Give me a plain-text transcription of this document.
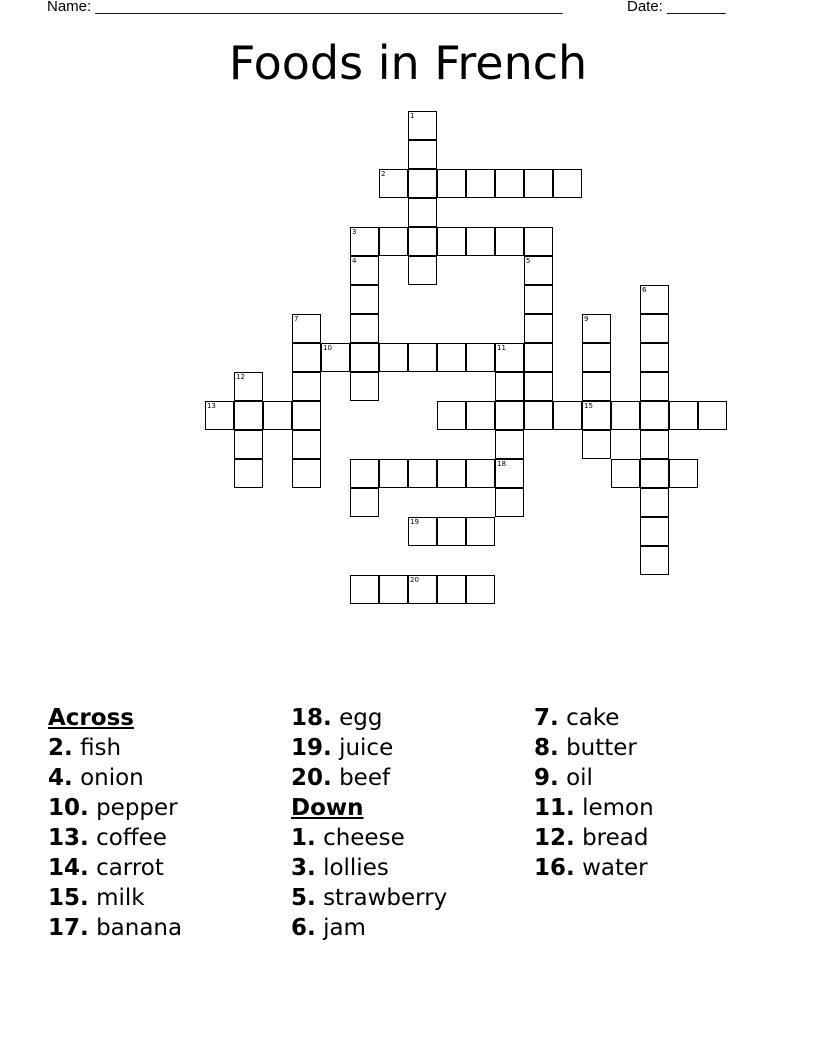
Name: ________________________________________________________	Date: _______
Foods in French
1
2
3
4	5
6
7
10	11
18
9
15
12
13
19
20
Across
2. fish
4. onion
10. pepper
13. coffee
14. carrot
15. milk
17. banana
18. egg
19. juice
20. beef
Down
1. cheese
3. lollies
5. strawberry
6. jam
7. cake
8. butter
9. oil
11. lemon
12. bread
16. water
